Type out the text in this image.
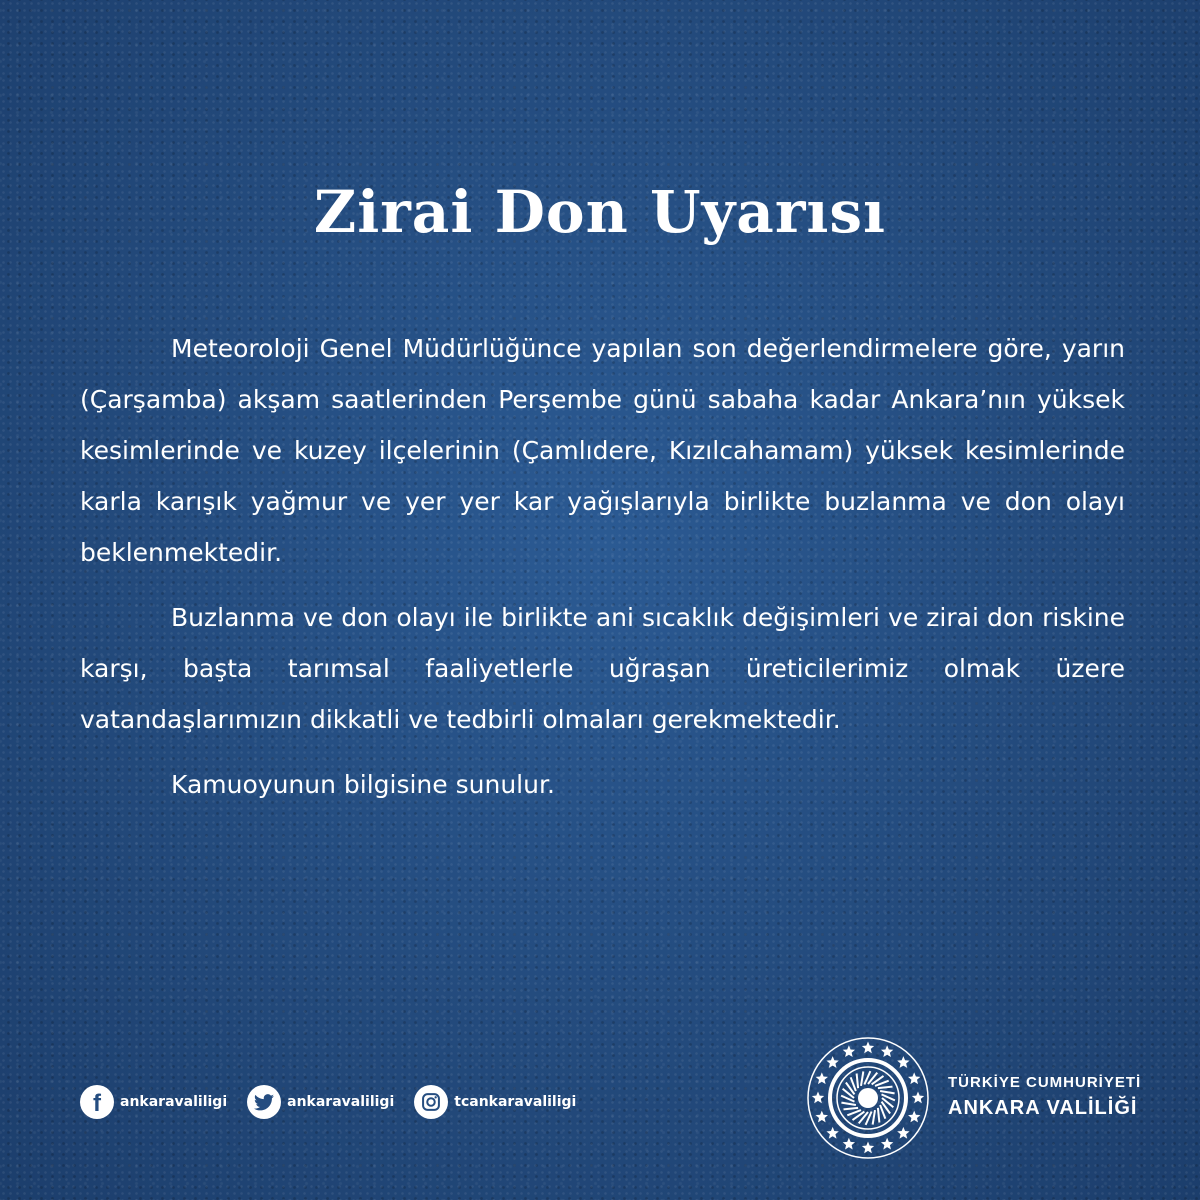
Zirai Don Uyarısı

Meteoroloji Genel Müdürlüğünce yapılan son değerlendirmelere göre, yarın (Çarşamba) akşam saatlerinden Perşembe günü sabaha kadar Ankara’nın yüksek kesimlerinde ve kuzey ilçelerinin (Çamlıdere, Kızılcahamam) yüksek kesimlerinde karla karışık yağmur ve yer yer kar yağışlarıyla birlikte buzlanma ve don olayı beklenmektedir.

Buzlanma ve don olayı ile birlikte ani sıcaklık değişimleri ve zirai don riskine karşı, başta tarımsal faaliyetlerle uğraşan üreticilerimiz olmak üzere vatandaşlarımızın dikkatli ve tedbirli olmaları gerekmektedir.

Kamuoyunun bilgisine sunulur.

f ankaravaliligi	ankaravaliligi	tcankaravaliligi
TÜRKİYE CUMHURİYETİ
ANKARA VALİLİĞİ
